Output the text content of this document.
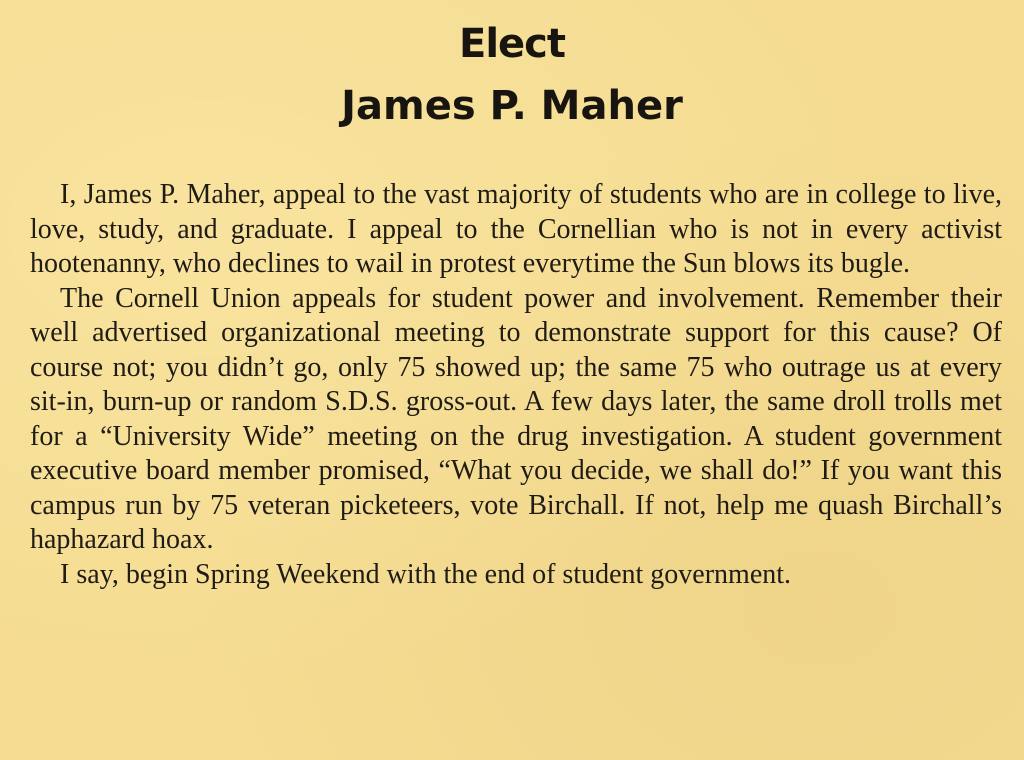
Elect
James P. Maher

I, James P. Maher, appeal to the vast majority of students who are in college to live, love, study, and graduate. I appeal to the Cornellian who is not in every activist hootenanny, who declines to wail in protest everytime the Sun blows its bugle.

The Cornell Union appeals for student power and involvement. Remember their well advertised organizational meeting to demonstrate support for this cause? Of course not; you didn’t go, only 75 showed up; the same 75 who outrage us at every sit-in, burn-up or random S.D.S. gross-out. A few days later, the same droll trolls met for a “University Wide” meeting on the drug investigation. A student government executive board member promised, “What you decide, we shall do!” If you want this campus run by 75 veteran picketeers, vote Birchall. If not, help me quash Birchall’s haphazard hoax.

I say, begin Spring Weekend with the end of student government.
